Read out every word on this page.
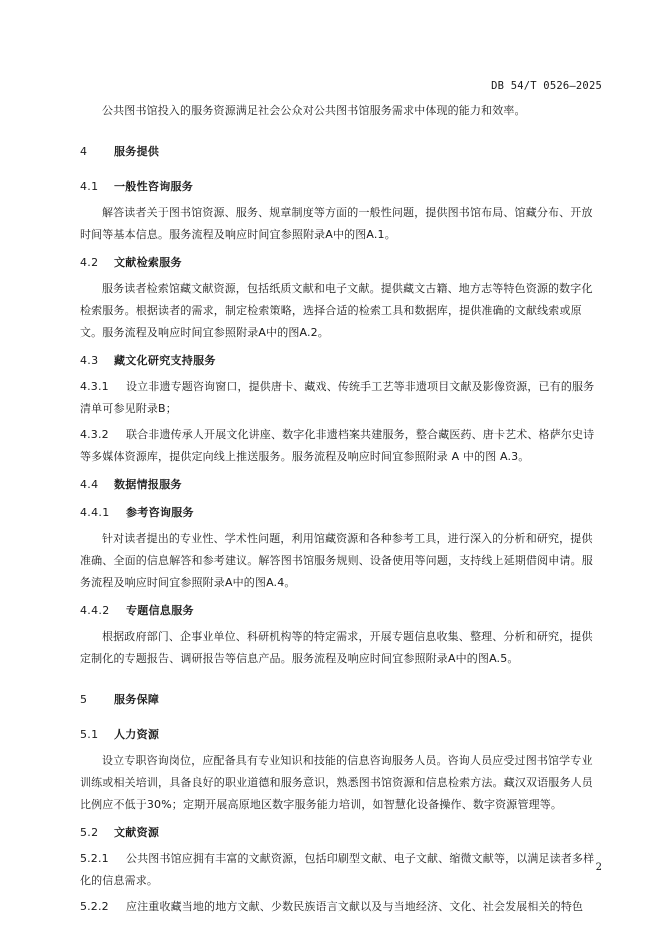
DB 54/T 0526—2025

公共图书馆投入的服务资源满足社会公众对公共图书馆服务需求中体现的能力和效率。

4 服务提供
4.1 一般性咨询服务

解答读者关于图书馆资源、服务、规章制度等方面的一般性问题，提供图书馆布局、馆藏分布、开放时间等基本信息。服务流程及响应时间宜参照附录A中的图A.1。

4.2 文献检索服务

服务读者检索馆藏文献资源，包括纸质文献和电子文献。提供藏文古籍、地方志等特色资源的数字化检索服务。根据读者的需求，制定检索策略，选择合适的检索工具和数据库，提供准确的文献线索或原文。服务流程及响应时间宜参照附录A中的图A.2。

4.3 藏文化研究支持服务

4.3.1 设立非遗专题咨询窗口，提供唐卡、藏戏、传统手工艺等非遗项目文献及影像资源，已有的服务清单可参见附录B；

4.3.2 联合非遗传承人开展文化讲座、数字化非遗档案共建服务，整合藏医药、唐卡艺术、格萨尔史诗等多媒体资源库，提供定向线上推送服务。服务流程及响应时间宜参照附录 A 中的图 A.3。

4.4 数据情报服务
4.4.1 参考咨询服务

针对读者提出的专业性、学术性问题，利用馆藏资源和各种参考工具，进行深入的分析和研究，提供准确、全面的信息解答和参考建议。解答图书馆服务规则、设备使用等问题，支持线上延期借阅申请。服务流程及响应时间宜参照附录A中的图A.4。

4.4.2 专题信息服务

根据政府部门、企事业单位、科研机构等的特定需求，开展专题信息收集、整理、分析和研究，提供定制化的专题报告、调研报告等信息产品。服务流程及响应时间宜参照附录A中的图A.5。

5 服务保障
5.1 人力资源

设立专职咨询岗位，应配备具有专业知识和技能的信息咨询服务人员。咨询人员应受过图书馆学专业训练或相关培训，具备良好的职业道德和服务意识，熟悉图书馆资源和信息检索方法。藏汉双语服务人员比例应不低于30%；定期开展高原地区数字服务能力培训，如智慧化设备操作、数字资源管理等。

5.2 文献资源

5.2.1 公共图书馆应拥有丰富的文献资源，包括印刷型文献、电子文献、缩微文献等，以满足读者多样化的信息需求。

5.2.2 应注重收藏当地的地方文献、少数民族语言文献以及与当地经济、文化、社会发展相关的特色

2
